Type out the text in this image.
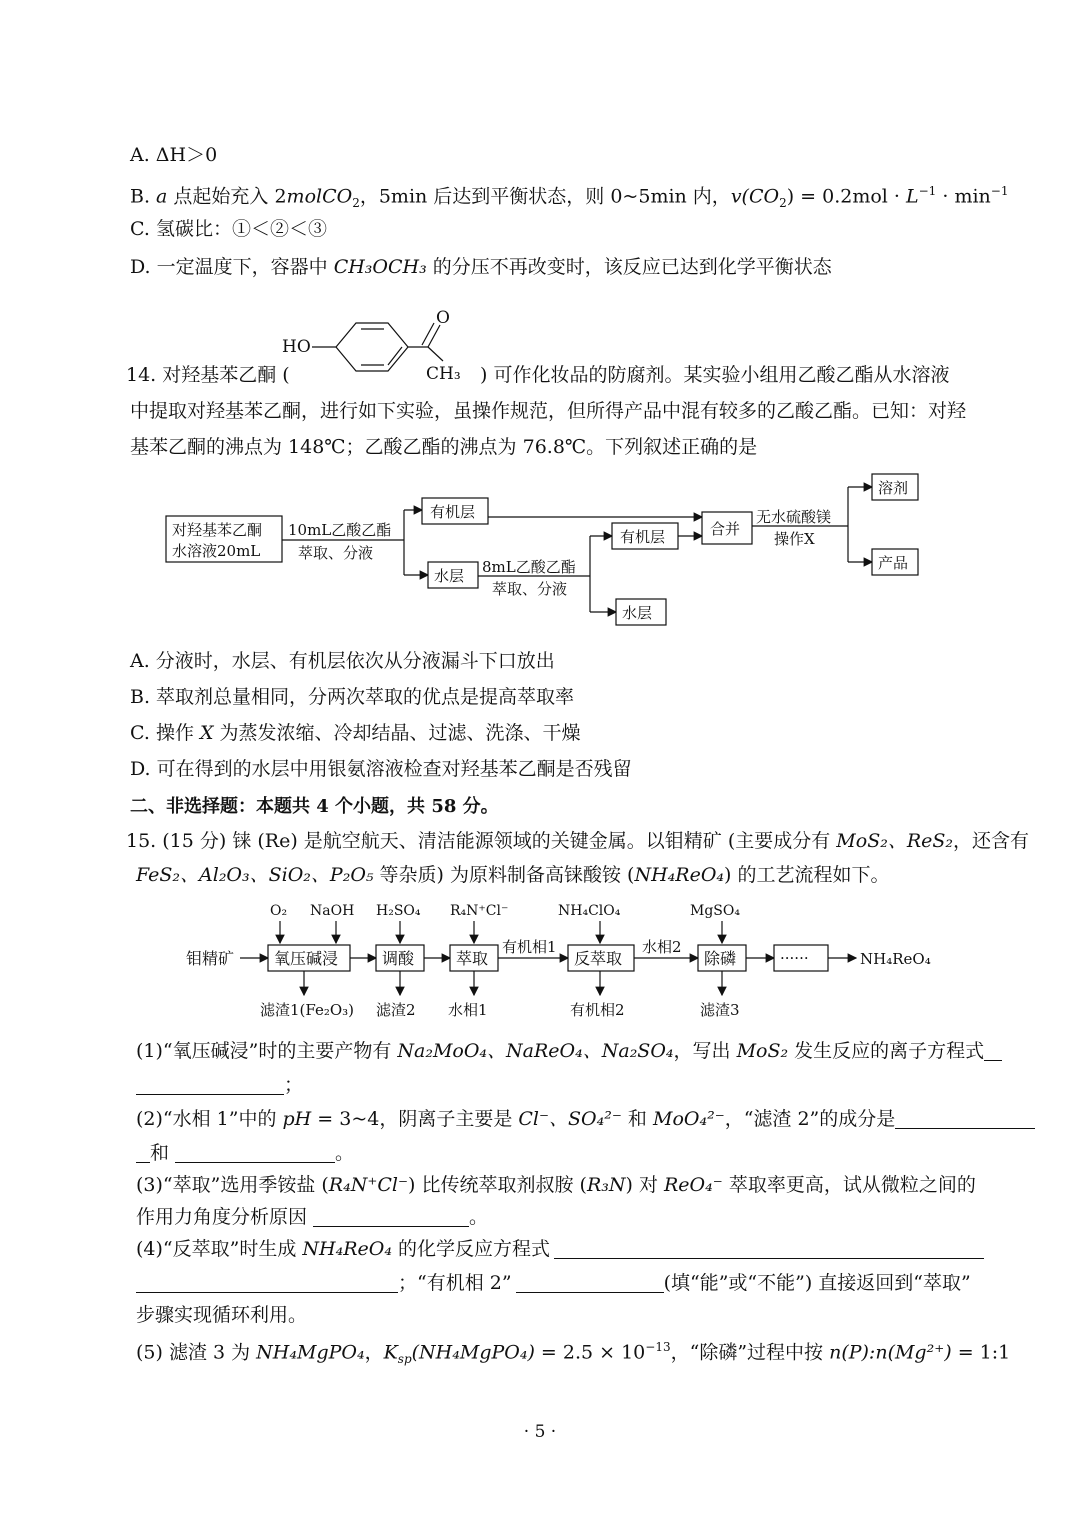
A. ΔH＞0
B. a 点起始充入 2molCO$_2$，5min 后达到平衡状态，则 0~5min 内，$v(CO_2) = 0.2mol \cdot L^{-1} \cdot \min^{-1}$
C. 氢碳比：①＜②＜③
D. 一定温度下，容器中 CH₃OCH₃ 的分压不再改变时，该反应已达到化学平衡状态
HO
O
CH₃
14. 对羟基苯乙酮 (	) 可作化妆品的防腐剂。某实验小组用乙酸乙酯从水溶液
中提取对羟基苯乙酮，进行如下实验，虽操作规范，但所得产品中混有较多的乙酸乙酯。已知：对羟
基苯乙酮的沸点为 148℃；乙酸乙酯的沸点为 76.8℃。下列叙述正确的是
对羟基苯乙酮
水溶液20mL
10mL乙酸乙酯
萃取、分液
有机层
水层 8mL乙酸乙酯
萃取、分液
有机层
水层
合并
无水硫酸镁
操作X
溶剂
产品
A. 分液时，水层、有机层依次从分液漏斗下口放出
B. 萃取剂总量相同，分两次萃取的优点是提高萃取率
C. 操作 X 为蒸发浓缩、冷却结晶、过滤、洗涤、干燥
D. 可在得到的水层中用银氨溶液检查对羟基苯乙酮是否残留
二、非选择题：本题共 4 个小题，共 58 分。
15. (15 分) 铼 (Re) 是航空航天、清洁能源领域的关键金属。以钼精矿 (主要成分有 MoS₂、ReS₂，还含有
FeS₂、Al₂O₃、SiO₂、P₂O₅ 等杂质) 为原料制备高铼酸铵 (NH₄ReO₄) 的工艺流程如下。
O₂ NaOH H₂SO₄ R₄N⁺Cl⁻	NH₄ClO₄	MgSO₄
钼精矿 氧压碱浸	调酸	萃取
有机相1
反萃取
水相2
除磷	······	NH₄ReO₄
滤渣1(Fe₂O₃) 滤渣2 水相1	有机相2	滤渣3
(1)“氧压碱浸”时的主要产物有 Na₂MoO₄、NaReO₄、Na₂SO₄，写出 MoS₂ 发生反应的离子方程式
；
(2)“水相 1”中的 pH = 3~4，阴离子主要是 Cl⁻、SO₄²⁻ 和 MoO₄²⁻，“滤渣 2”的成分是
和	。
(3)“萃取”选用季铵盐 (R₄N⁺Cl⁻) 比传统萃取剂叔胺 (R₃N) 对 ReO₄⁻ 萃取率更高，试从微粒之间的
作用力角度分析原因	。
(4)“反萃取”时生成 NH₄ReO₄ 的化学反应方程式
；“有机相 2”	(填“能”或“不能”) 直接返回到“萃取”
步骤实现循环利用。
(5) 滤渣 3 为 NH₄MgPO₄，$K_{sp}(NH_4MgPO_4) = 2.5 \times 10^{-13}$，“除磷”过程中按 n(P):n(Mg²⁺) = 1:1
· 5 ·
